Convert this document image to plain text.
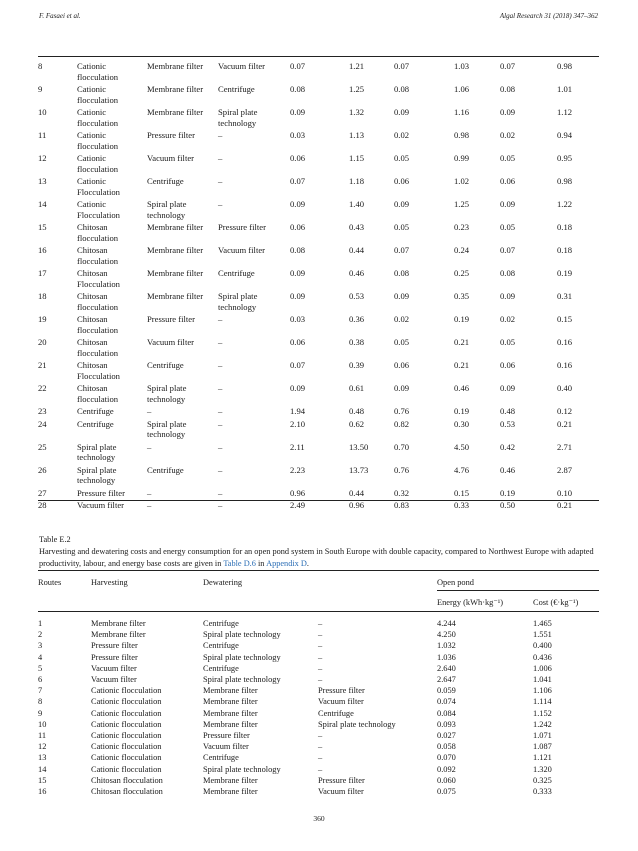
F. Fasaei et al.	Algal Research 31 (2018) 347–362
8	Cationic flocculation	Membrane filter	Vacuum filter	0.07	1.21	0.07	1.03	0.07	0.98
9	Cationic flocculation	Membrane filter	Centrifuge	0.08	1.25	0.08	1.06	0.08	1.01
10	Cationic flocculation	Membrane filter	Spiral plate technology	0.09	1.32	0.09	1.16	0.09	1.12
11	Cationic flocculation	Pressure filter	–	0.03	1.13	0.02	0.98	0.02	0.94
12	Cationic flocculation	Vacuum filter	–	0.06	1.15	0.05	0.99	0.05	0.95
13	Cationic Flocculation	Centrifuge	–	0.07	1.18	0.06	1.02	0.06	0.98
14	Cationic Flocculation	Spiral plate technology	–	0.09	1.40	0.09	1.25	0.09	1.22
15	Chitosan flocculation	Membrane filter	Pressure filter	0.06	0.43	0.05	0.23	0.05	0.18
16	Chitosan flocculation	Membrane filter	Vacuum filter	0.08	0.44	0.07	0.24	0.07	0.18
17	Chitosan Flocculation	Membrane filter	Centrifuge	0.09	0.46	0.08	0.25	0.08	0.19
18	Chitosan flocculation	Membrane filter	Spiral plate technology	0.09	0.53	0.09	0.35	0.09	0.31
19	Chitosan flocculation	Pressure filter	–	0.03	0.36	0.02	0.19	0.02	0.15
20	Chitosan flocculation	Vacuum filter	–	0.06	0.38	0.05	0.21	0.05	0.16
21	Chitosan Flocculation	Centrifuge	–	0.07	0.39	0.06	0.21	0.06	0.16
22	Chitosan flocculation	Spiral plate technology	–	0.09	0.61	0.09	0.46	0.09	0.40
23	Centrifuge	–	–	1.94	0.48	0.76	0.19	0.48	0.12
24	Centrifuge	Spiral plate technology	–	2.10	0.62	0.82	0.30	0.53	0.21
25	Spiral plate technology	–	–	2.11	13.50	0.70	4.50	0.42	2.71
26	Spiral plate technology	Centrifuge	–	2.23	13.73	0.76	4.76	0.46	2.87
27	Pressure filter	–	–	0.96	0.44	0.32	0.15	0.19	0.10
28	Vacuum filter	–	–	2.49	0.96	0.83	0.33	0.50	0.21
Table E.2
Harvesting and dewatering costs and energy consumption for an open pond system in South Europe with double capacity, compared to Northwest Europe with adapted productivity, labour, and energy base costs are given in Table D.6 in Appendix D.
Routes	Harvesting	Dewatering		Open pond	
				Energy (kWh·kg⁻¹)	Cost (€·kg⁻¹)

1	Membrane filter	Centrifuge	–	4.244	1.465
2	Membrane filter	Spiral plate technology	–	4.250	1.551
3	Pressure filter	Centrifuge	–	1.032	0.400
4	Pressure filter	Spiral plate technology	–	1.036	0.436
5	Vacuum filter	Centrifuge	–	2.640	1.006
6	Vacuum filter	Spiral plate technology	–	2.647	1.041
7	Cationic flocculation	Membrane filter	Pressure filter	0.059	1.106
8	Cationic flocculation	Membrane filter	Vacuum filter	0.074	1.114
9	Cationic flocculation	Membrane filter	Centrifuge	0.084	1.152
10	Cationic flocculation	Membrane filter	Spiral plate technology	0.093	1.242
11	Cationic flocculation	Pressure filter	–	0.027	1.071
12	Cationic flocculation	Vacuum filter	–	0.058	1.087
13	Cationic flocculation	Centrifuge	–	0.070	1.121
14	Cationic flocculation	Spiral plate technology	–	0.092	1.320
15	Chitosan flocculation	Membrane filter	Pressure filter	0.060	0.325
16	Chitosan flocculation	Membrane filter	Vacuum filter	0.075	0.333
360
